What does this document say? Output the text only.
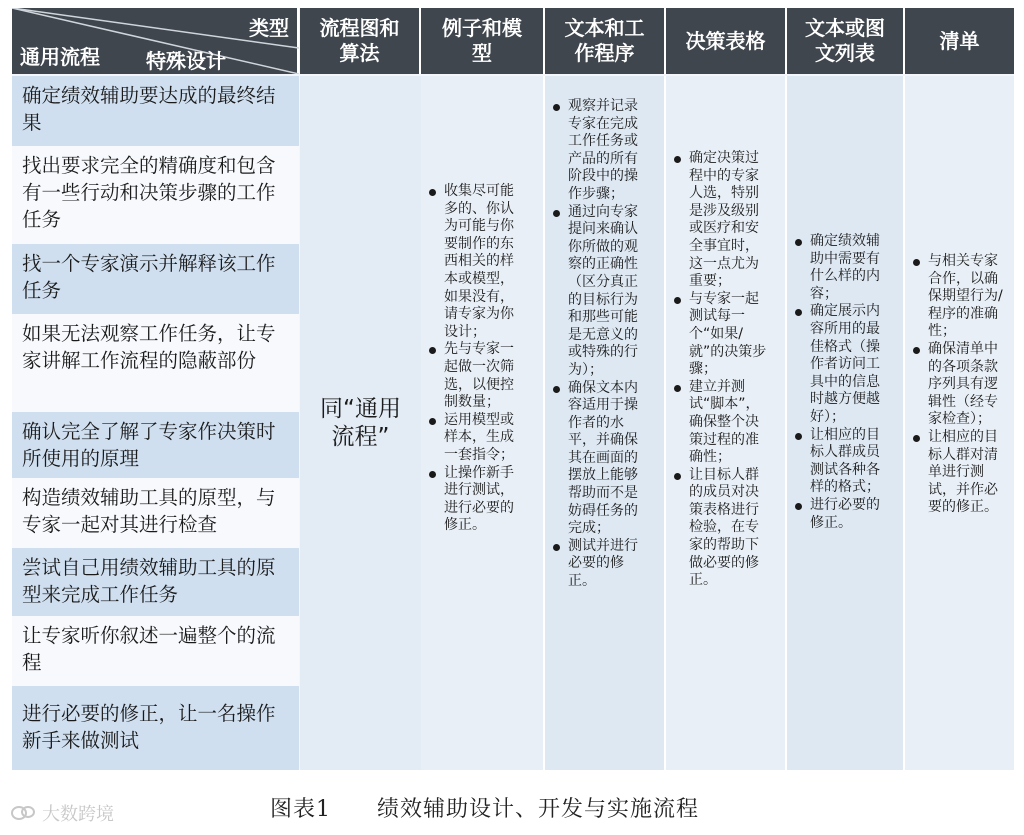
类型
通用流程 特殊设计
流程图和算法
例子和模型
文本和工作程序
决策表格
文本或图文列表
清单
确定绩效辅助要达成的最终结果
找出要求完全的精确度和包含有一些行动和决策步骤的工作任务
找一个专家演示并解释该工作任务
如果无法观察工作任务，让专家讲解工作流程的隐蔽部份
确认完全了解了专家作决策时所使用的原理
构造绩效辅助工具的原型，与专家一起对其进行检查
尝试自己用绩效辅助工具的原型来完成工作任务
让专家听你叙述一遍整个的流程
进行必要的修正，让一名操作新手来做测试
同“通用流程”
收集尽可能多的、你认为可能与你要制作的东西相关的样本或模型，如果没有，请专家为你设计；
先与专家一起做一次筛选，以便控制数量；
运用模型或样本，生成一套指令；
让操作新手进行测试，进行必要的修正。
观察并记录专家在完成工作任务或产品的所有阶段中的操作步骤；
通过向专家提问来确认你所做的观察的正确性（区分真正的目标行为和那些可能是无意义的或特殊的行为）；
确保文本内容适用于操作者的水平，并确保其在画面的摆放上能够帮助而不是妨碍任务的完成；
测试并进行必要的修正。
确定决策过程中的专家人选，特别是涉及级别或医疗和安全事宜时，这一点尤为重要；
与专家一起测试每一个“如果/就”的决策步骤；
建立并测试“脚本”，确保整个决策过程的准确性；
让目标人群的成员对决策表格进行检验，在专家的帮助下做必要的修正。
确定绩效辅助中需要有什么样的内容；
确定展示内容所用的最佳格式（操作者访问工具中的信息时越方便越好）；
让相应的目标人群成员测试各种各样的格式；
进行必要的修正。
与相关专家合作，以确保期望行为/程序的准确性；
确保清单中的各项条款序列具有逻辑性（经专家检查）；
让相应的目标人群对清单进行测试，并作必要的修正。
大数跨境	图表1 绩效辅助设计、开发与实施流程
